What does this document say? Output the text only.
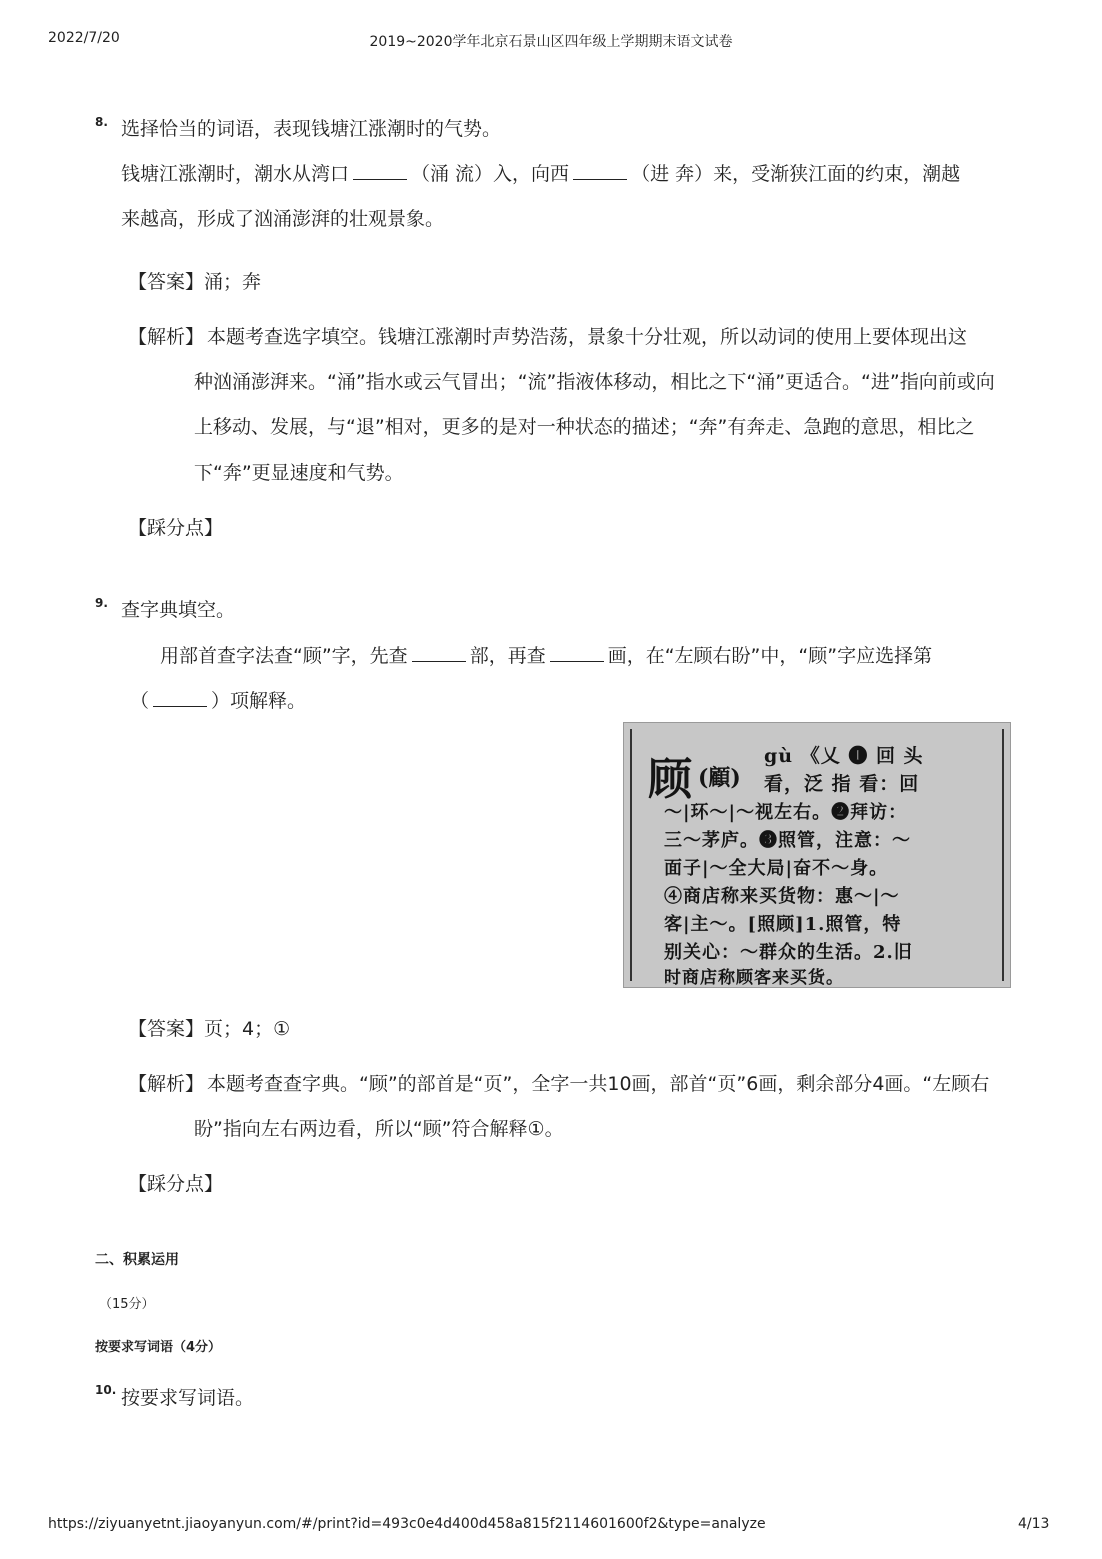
2022/7/20	2019~2020学年北京石景山区四年级上学期期末语文试卷
8. 选择恰当的词语，表现钱塘江涨潮时的气势。
钱塘江涨潮时，潮水从湾口	（涌 流）入，向西	（进 奔）来，受渐狭江面的约束，潮越
来越高，形成了汹涌澎湃的壮观景象。
【答案】涌；奔
【解析】 本题考查选字填空。钱塘江涨潮时声势浩荡，景象十分壮观，所以动词的使用上要体现出这
种汹涌澎湃来。“涌”指水或云气冒出；“流”指液体移动，相比之下“涌”更适合。“进”指向前或向
上移动、发展，与“退”相对，更多的是对一种状态的描述；“奔”有奔走、急跑的意思，相比之
下“奔”更显速度和气势。
【踩分点】
9. 查字典填空。
用部首查字法查“顾”字，先查	部，再查	画，在“左顾右盼”中，“顾”字应选择第
（	）项解释。
顾 (顧)
gù 《乂 ❶ 回 头
看，泛 指 看：回
～|环～|～视左右。❷拜访：
三～茅庐。❸照管，注意：～
面子|～全大局|奋不～身。
④商店称来买货物：惠～|～
客|主～。[照顾]1.照管，特
别关心：～群众的生活。2.旧
时商店称顾客来买货。
【答案】页；4；①
【解析】 本题考查查字典。“顾”的部首是“页”，全字一共10画，部首“页”6画，剩余部分4画。“左顾右
盼”指向左右两边看，所以“顾”符合解释①。
【踩分点】
二、积累运用
（15分）
按要求写词语（4分）
10. 按要求写词语。
https://ziyuanyetnt.jiaoyanyun.com/#/print?id=493c0e4d400d458a815f2114601600f2&type=analyze	4/13
